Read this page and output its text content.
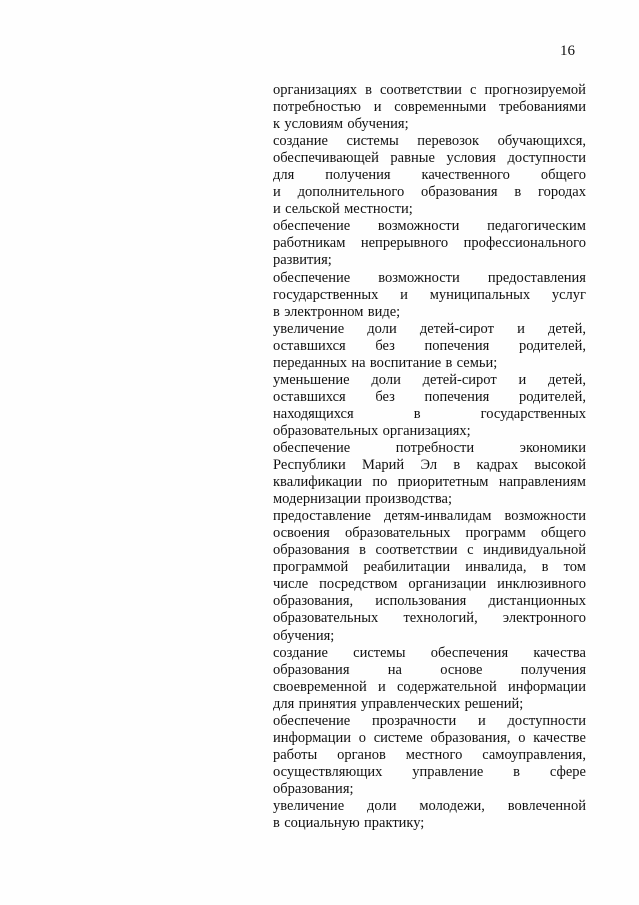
16
организациях в соответствии с прогнозируемой
потребностью и современными требованиями
к условиям обучения;
создание системы перевозок обучающихся,
обеспечивающей равные условия доступности
для получения качественного общего
и дополнительного образования в городах
и сельской местности;
обеспечение возможности педагогическим
работникам непрерывного профессионального
развития;
обеспечение возможности предоставления
государственных и муниципальных услуг
в электронном виде;
увеличение доли детей-сирот и детей,
оставшихся без попечения родителей,
переданных на воспитание в семьи;
уменьшение доли детей-сирот и детей,
оставшихся без попечения родителей,
находящихся	в	государственных
образовательных организациях;
обеспечение	потребности	экономики
Республики Марий Эл в кадрах высокой
квалификации по приоритетным направлениям
модернизации производства;
предоставление детям-инвалидам возможности
освоения образовательных программ общего
образования в соответствии с индивидуальной
программой реабилитации инвалида, в том
числе посредством организации инклюзивного
образования, использования дистанционных
образовательных технологий, электронного
обучения;
создание системы обеспечения качества
образования	на	основе	получения
своевременной и содержательной информации
для принятия управленческих решений;
обеспечение прозрачности и доступности
информации о системе образования, о качестве
работы органов местного самоуправления,
осуществляющих управление в сфере
образования;
увеличение доли молодежи, вовлеченной
в социальную практику;
